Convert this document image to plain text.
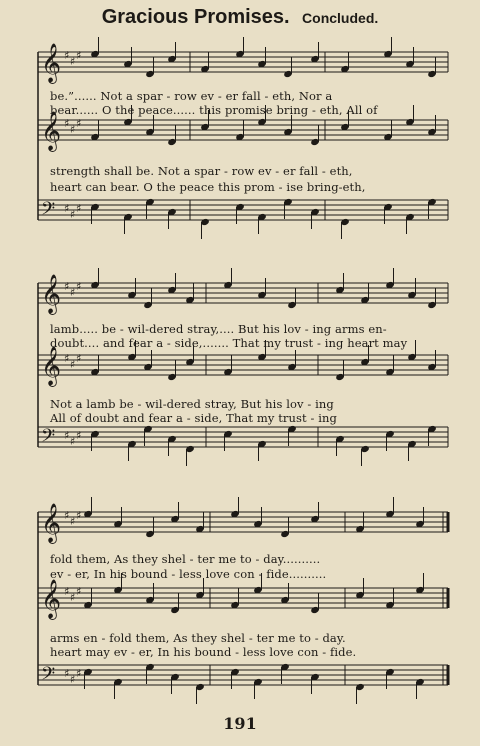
Gracious Promises. Concluded.
𝄞 ♯ ♯ ♯
𝄞 ♯ ♯ ♯
𝄢 ♯ ♯ ♯
𝄞 ♯ ♯ ♯
𝄞 ♯ ♯ ♯
𝄢 ♯ ♯ ♯
𝄞 ♯ ♯ ♯
𝄞 ♯ ♯ ♯
𝄢 ♯ ♯ ♯
be.”...... Not a spar - row ev - er fall - eth, Nor a
bear...... O the peace...... this promise bring - eth, All of
strength shall be. Not a spar - row ev - er fall - eth,
heart can bear. O the peace this prom - ise bring-eth,
lamb..... be - wil-dered stray,.... But his lov - ing arms en-
doubt.... and fear a - side,....... That my trust - ing heart may
Not a lamb be - wil-dered stray, But his lov - ing
All of doubt and fear a - side, That my trust - ing
fold them, As they shel - ter me to - day..........
ev - er, In his bound - less love con - fide..........
arms en - fold them, As they shel - ter me to - day.
heart may ev - er, In his bound - less love con - fide.
191
